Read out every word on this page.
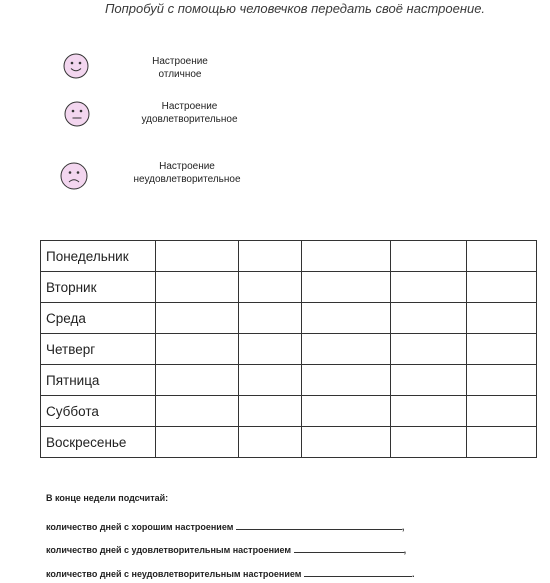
Попробуй с помощью человечков передать своё настроение.
Настроение
отличное
Настроение
удовлетворительное
Настроение
неудовлетворительное
Понедельник					
Вторник					
Среда					
Четверг					
Пятница					
Суббота					
Воскресенье					
В конце недели подсчитай:
количество дней с хорошим настроением	,
количество дней с удовлетворительным настроением	,
количество дней с неудовлетворительным настроением	.
